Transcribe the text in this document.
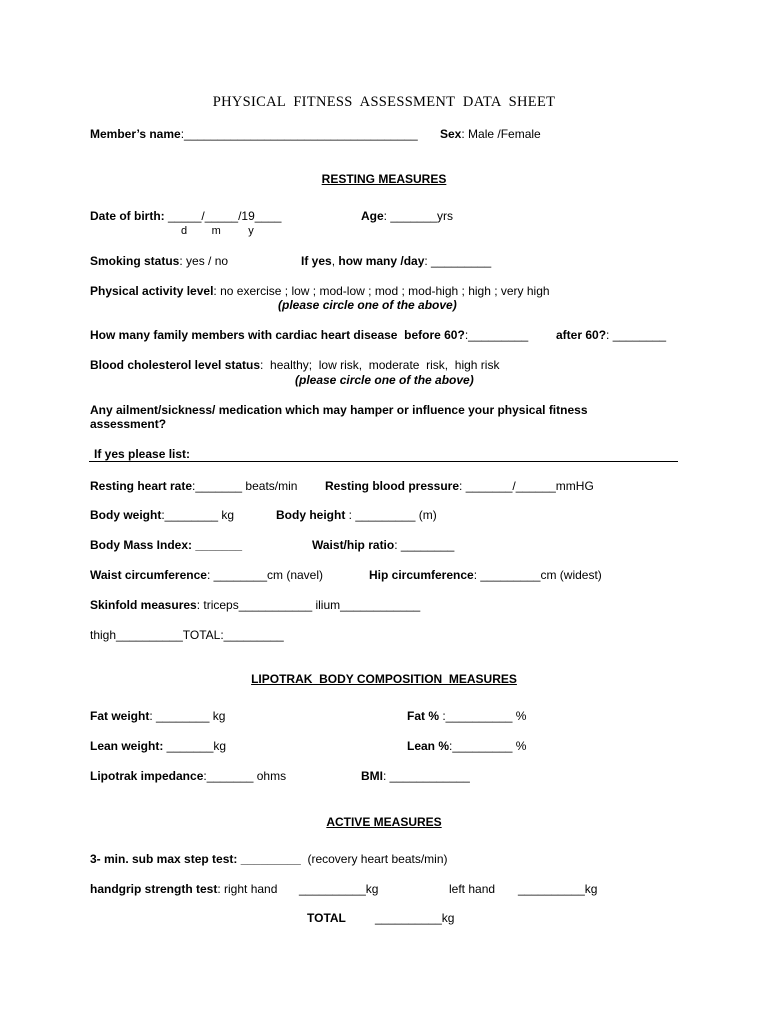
PHYSICAL  FITNESS  ASSESSMENT  DATA  SHEET
Member’s name:___________________________________ Sex: Male /Female
RESTING MEASURES
Date of birth: _____/_____/19____
d        m         y
Age: _______yrs
Smoking status: yes / no	If yes, how many /day: _________
Physical activity level: no exercise ; low ; mod-low ; mod ; mod-high ; high ; very high
(please circle one of the above)
How many family members with cardiac heart disease  before 60?:_________ after 60?: ________
Blood cholesterol level status:  healthy;  low risk,  moderate  risk,  high risk
(please circle one of the above)
Any ailment/sickness/ medication which may hamper or influence your physical fitness
assessment?
If yes please list:
Resting heart rate:_______ beats/min Resting blood pressure: _______/______mmHG
Body weight:________ kg	Body height : _________ (m)
Body Mass Index: _______	Waist/hip ratio: ________
Waist circumference: ________cm (navel)	Hip circumference: _________cm (widest)
Skinfold measures: triceps___________ ilium____________
thigh__________TOTAL:_________
LIPOTRAK  BODY COMPOSITION  MEASURES
Fat weight: ________ kg	Fat % :__________ %
Lean weight: _______kg	Lean %:_________ %
Lipotrak impedance:_______ ohms	BMI: ____________
ACTIVE MEASURES
3- min. sub max step test: _________  (recovery heart beats/min)
handgrip strength test: right hand __________kg	left hand __________kg
TOTAL __________kg
